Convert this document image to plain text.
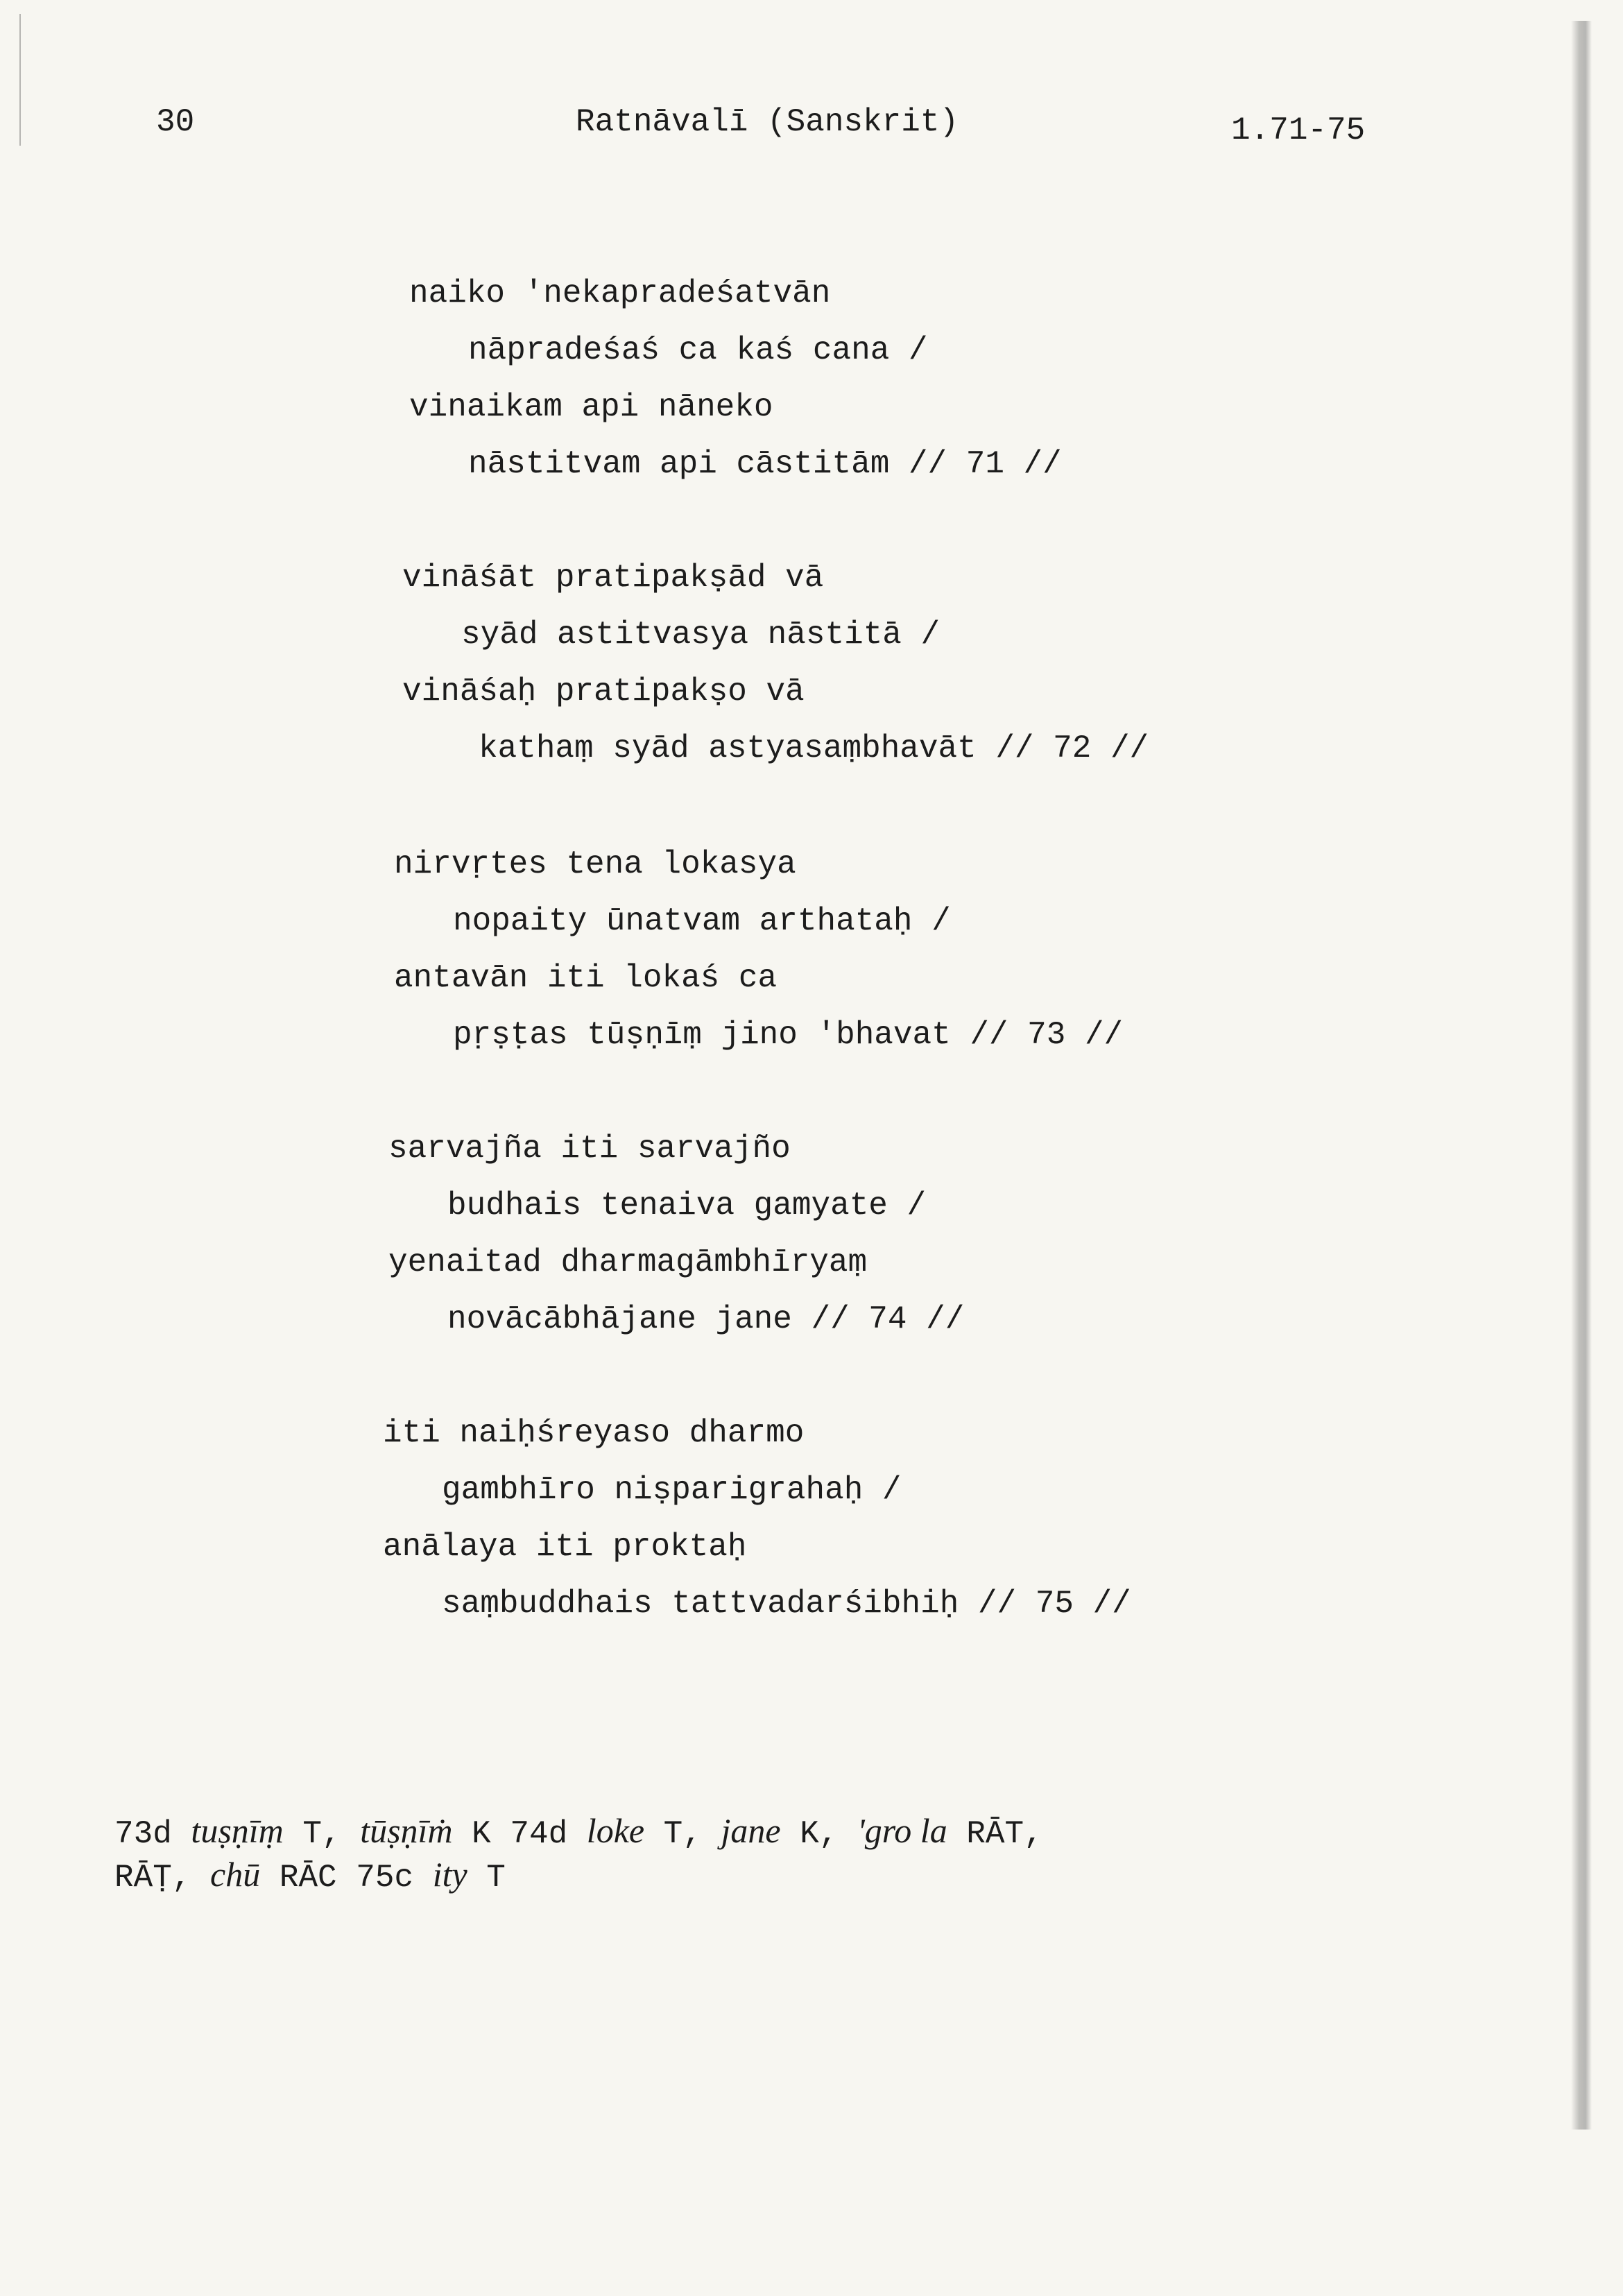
30	Ratnāvalī (Sanskrit)	1.71-75
naiko 'nekapradeśatvān
nāpradeśaś ca kaś cana /
vinaikam api nāneko
nāstitvam api cāstitām // 71 //
vināśāt pratipakṣād vā
syād astitvasya nāstitā /
vināśaḥ pratipakṣo vā
kathaṃ syād astyasaṃbhavāt // 72 //
nirvṛtes tena lokasya
nopaity ūnatvam arthataḥ /
antavān iti lokaś ca
pṛṣṭas tūṣṇīṃ jino 'bhavat // 73 //
sarvajña iti sarvajño
budhais tenaiva gamyate /
yenaitad dharmagāmbhīryaṃ
novācābhājane jane // 74 //
iti naiḥśreyaso dharmo
gambhīro niṣparigrahaḥ /
anālaya iti proktaḥ
saṃbuddhais tattvadarśibhiḥ // 75 //
73d tuṣṇīṃ T, tūṣṇīṁ K 74d loke T, jane K, 'gro la RĀT,
RĀṬ, chū RĀC 75c ity T
